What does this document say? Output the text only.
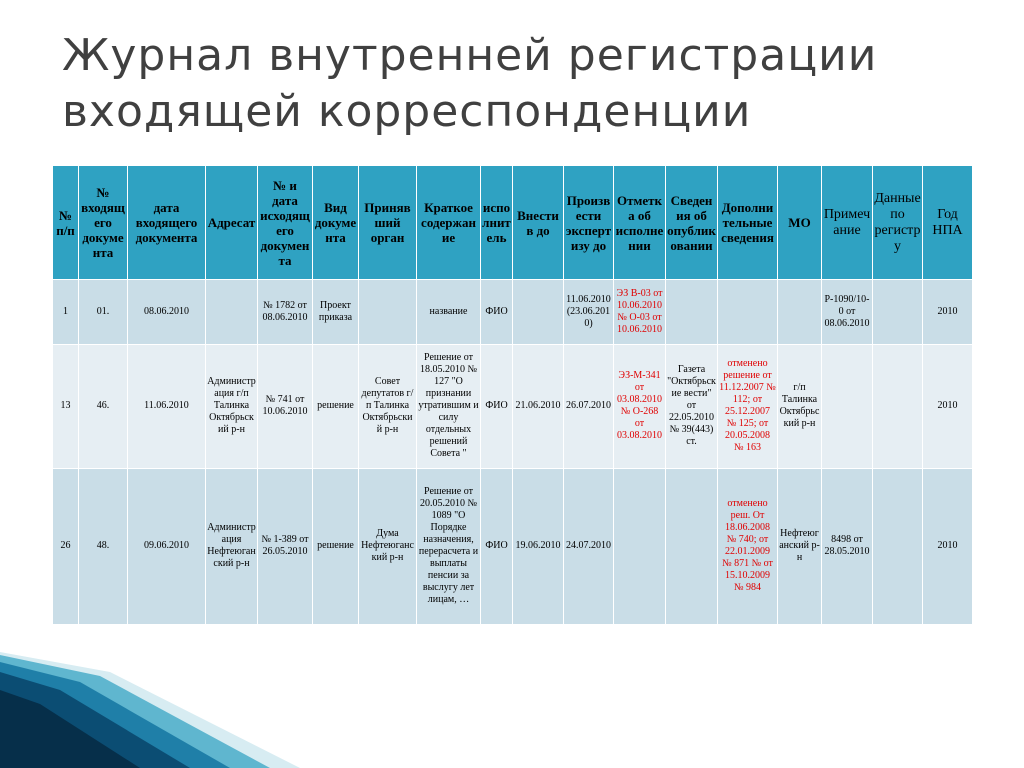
Журнал внутренней регистрации
входящей корреспонденции
№ п/п	№ входящего документа	дата входящего документа	Адресат	№ и дата исходящего документа	Вид документа	Принявший орган	Краткое содержание	исполнитель	Внести в до	Произвести экспертизу до	Отметка об исполнении	Сведения об опубликовании	Дополнительные сведения	МО	Примечание	Данные по регистру	Год НПА
1	01.	08.06.2010		№ 1782 от 08.06.2010	Проект приказа		название	ФИО		11.06.2010 (23.06.2010)	ЭЗ В-03 от 10.06.2010 № О-03 от 10.06.2010				Р-1090/10-0 от 08.06.2010		2010
13	46.	11.06.2010	Администрация г/п Талинка Октябрьский р-н	№ 741 от 10.06.2010	решение	Совет депутатов г/п Талинка Октябрьский р-н	Решение от 18.05.2010 № 127 "О признании утратившим и силу отдельных решений Совета "	ФИО	21.06.2010	26.07.2010	ЭЗ-М-341 от 03.08.2010 № О-268 от 03.08.2010	Газета "Октябрьские вести" от 22.05.2010 № 39(443) ст.	отменено решение от 11.12.2007 № 112; от 25.12.2007 № 125; от 20.05.2008 № 163	г/п Талинка Октябрьский р-н			2010
26	48.	09.06.2010	Администрация Нефтеюганский р-н	№ 1-389 от 26.05.2010	решение	Дума Нефтеюганский р-н	Решение от 20.05.2010 № 1089 "О Порядке назначения, перерасчета и выплаты пенсии за выслугу лет лицам, …	ФИО	19.06.2010	24.07.2010			отменено реш. От 18.06.2008 № 740; от 22.01.2009 № 871 № от 15.10.2009 № 984	Нефтеюганский р-н	8498 от 28.05.2010		2010
